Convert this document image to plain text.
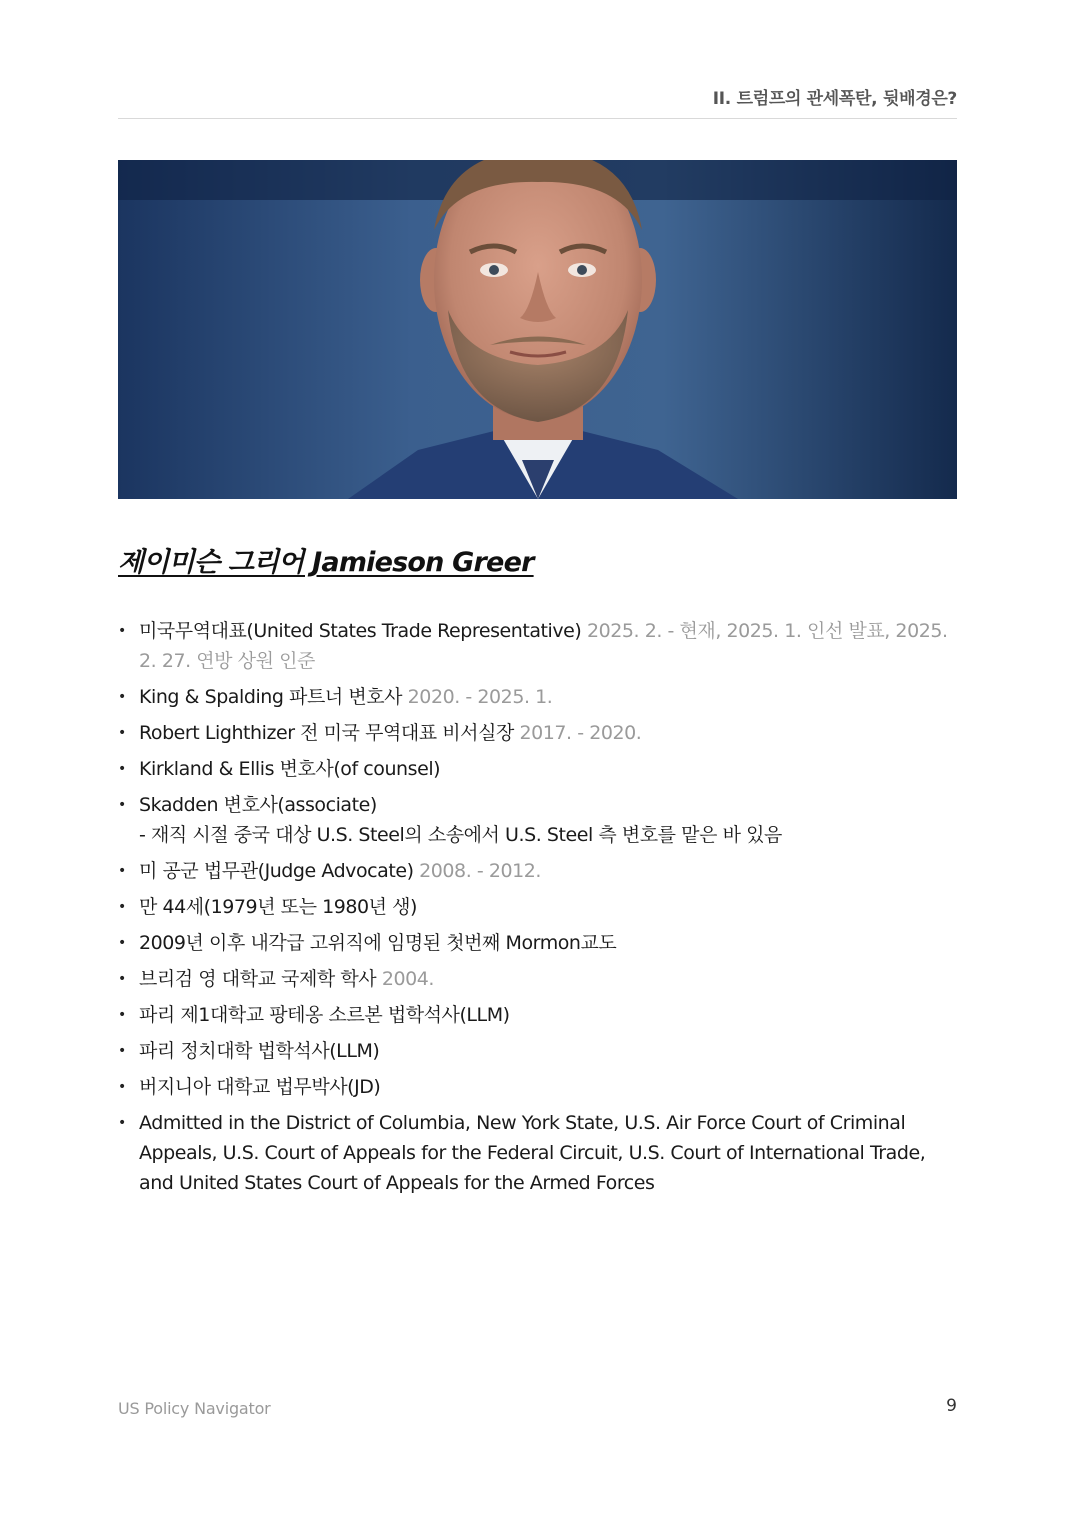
II. 트럼프의 관세폭탄, 뒷배경은?
제이미슨 그리어 Jamieson Greer
• 미국무역대표(United States Trade Representative) 2025. 2. - 현재, 2025. 1. 인선 발표, 2025. 2. 27. 연방 상원 인준
• King & Spalding 파트너 변호사 2020. - 2025. 1.
• Robert Lighthizer 전 미국 무역대표 비서실장 2017. - 2020.
• Kirkland & Ellis 변호사(of counsel)
• Skadden 변호사(associate)
- 재직 시절 중국 대상 U.S. Steel의 소송에서 U.S. Steel 측 변호를 맡은 바 있음
• 미 공군 법무관(Judge Advocate) 2008. - 2012.
• 만 44세(1979년 또는 1980년 생)
• 2009년 이후 내각급 고위직에 임명된 첫번째 Mormon교도
• 브리검 영 대학교 국제학 학사 2004.
• 파리 제1대학교 팡테옹 소르본 법학석사(LLM)
• 파리 정치대학 법학석사(LLM)
• 버지니아 대학교 법무박사(JD)
• Admitted in the District of Columbia, New York State, U.S. Air Force Court of Criminal Appeals, U.S. Court of Appeals for the Federal Circuit, U.S. Court of International Trade, and United States Court of Appeals for the Armed Forces
US Policy Navigator	9
